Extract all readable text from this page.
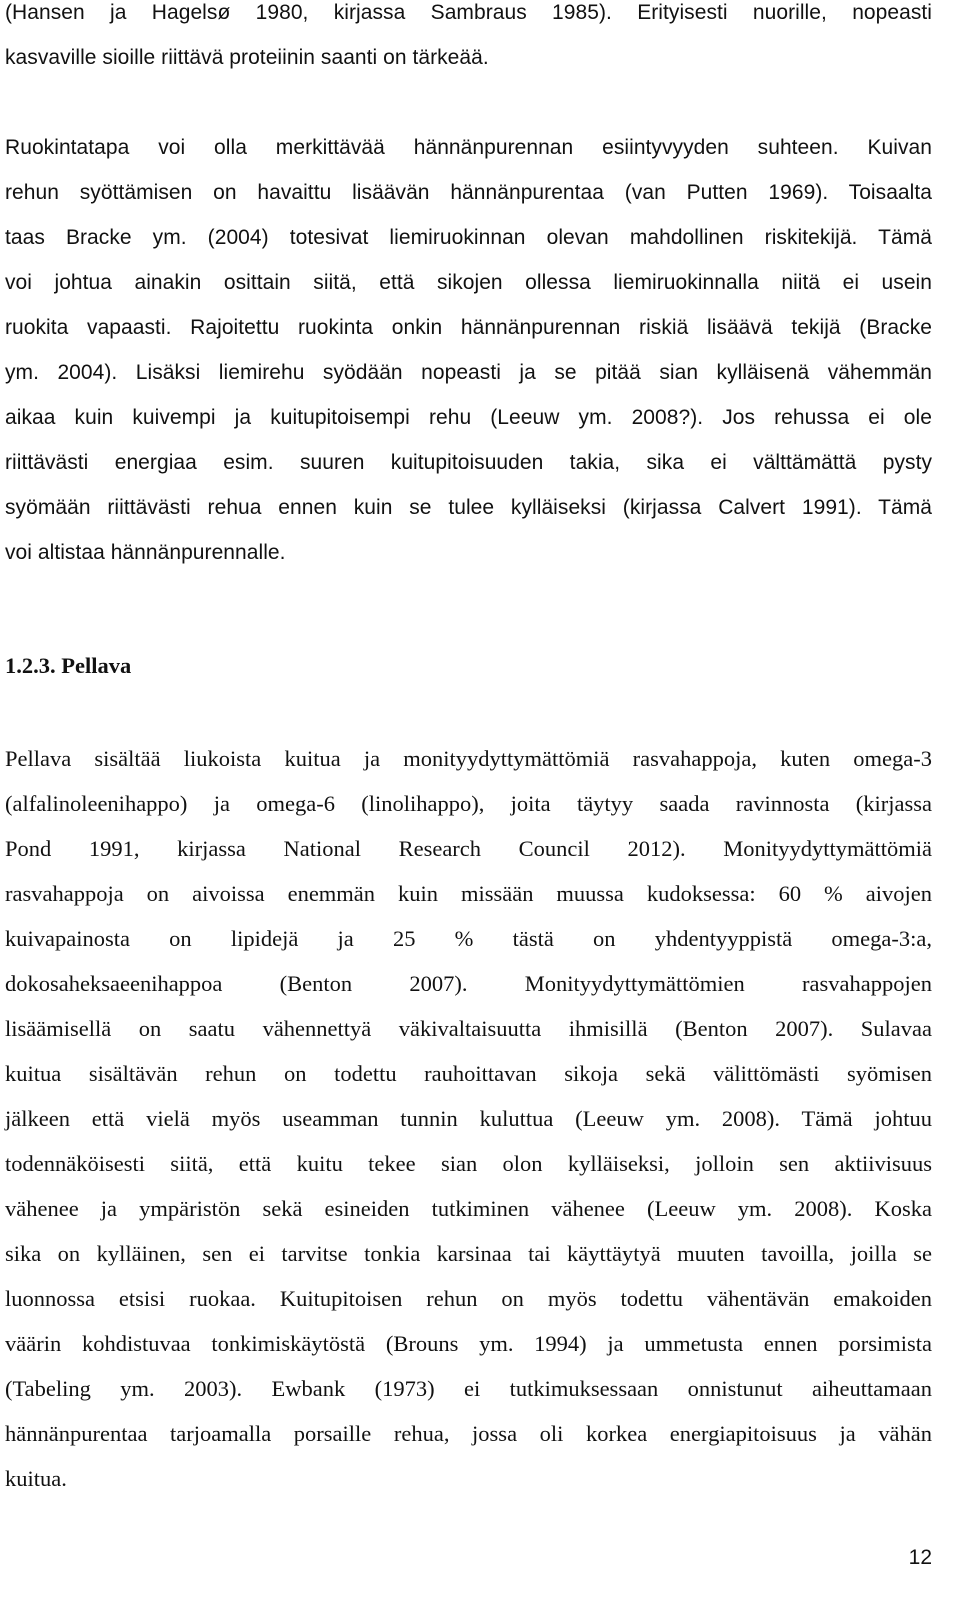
(Hansen ja Hagelsø 1980, kirjassa Sambraus 1985). Erityisesti nuorille, nopeasti
kasvaville sioille riittävä proteiinin saanti on tärkeää.
Ruokintatapa voi olla merkittävää hännänpurennan esiintyvyyden suhteen. Kuivan
rehun syöttämisen on havaittu lisäävän hännänpurentaa (van Putten 1969). Toisaalta
taas Bracke ym. (2004) totesivat liemiruokinnan olevan mahdollinen riskitekijä. Tämä
voi johtua ainakin osittain siitä, että sikojen ollessa liemiruokinnalla niitä ei usein
ruokita vapaasti. Rajoitettu ruokinta onkin hännänpurennan riskiä lisäävä tekijä (Bracke
ym. 2004). Lisäksi liemirehu syödään nopeasti ja se pitää sian kylläisenä vähemmän
aikaa kuin kuivempi ja kuitupitoisempi rehu (Leeuw ym. 2008?). Jos rehussa ei ole
riittävästi energiaa esim. suuren kuitupitoisuuden takia, sika ei välttämättä pysty
syömään riittävästi rehua ennen kuin se tulee kylläiseksi (kirjassa Calvert 1991). Tämä
voi altistaa hännänpurennalle.
1.2.3. Pellava
Pellava sisältää liukoista kuitua ja monityydyttymättömiä rasvahappoja, kuten omega-3
(alfalinoleenihappo) ja omega-6 (linolihappo), joita täytyy saada ravinnosta (kirjassa
Pond 1991, kirjassa National Research Council 2012). Monityydyttymättömiä
rasvahappoja on aivoissa enemmän kuin missään muussa kudoksessa: 60 % aivojen
kuivapainosta on lipidejä ja 25 % tästä on yhdentyyppistä omega-3:a,
dokosaheksaeenihappoa (Benton 2007). Monityydyttymättömien rasvahappojen
lisäämisellä on saatu vähennettyä väkivaltaisuutta ihmisillä (Benton 2007). Sulavaa
kuitua sisältävän rehun on todettu rauhoittavan sikoja sekä välittömästi syömisen
jälkeen että vielä myös useamman tunnin kuluttua (Leeuw ym. 2008). Tämä johtuu
todennäköisesti siitä, että kuitu tekee sian olon kylläiseksi, jolloin sen aktiivisuus
vähenee ja ympäristön sekä esineiden tutkiminen vähenee (Leeuw ym. 2008). Koska
sika on kylläinen, sen ei tarvitse tonkia karsinaa tai käyttäytyä muuten tavoilla, joilla se
luonnossa etsisi ruokaa. Kuitupitoisen rehun on myös todettu vähentävän emakoiden
väärin kohdistuvaa tonkimiskäytöstä (Brouns ym. 1994) ja ummetusta ennen porsimista
(Tabeling ym. 2003). Ewbank (1973) ei tutkimuksessaan onnistunut aiheuttamaan
hännänpurentaa tarjoamalla porsaille rehua, jossa oli korkea energiapitoisuus ja vähän
kuitua.
12
